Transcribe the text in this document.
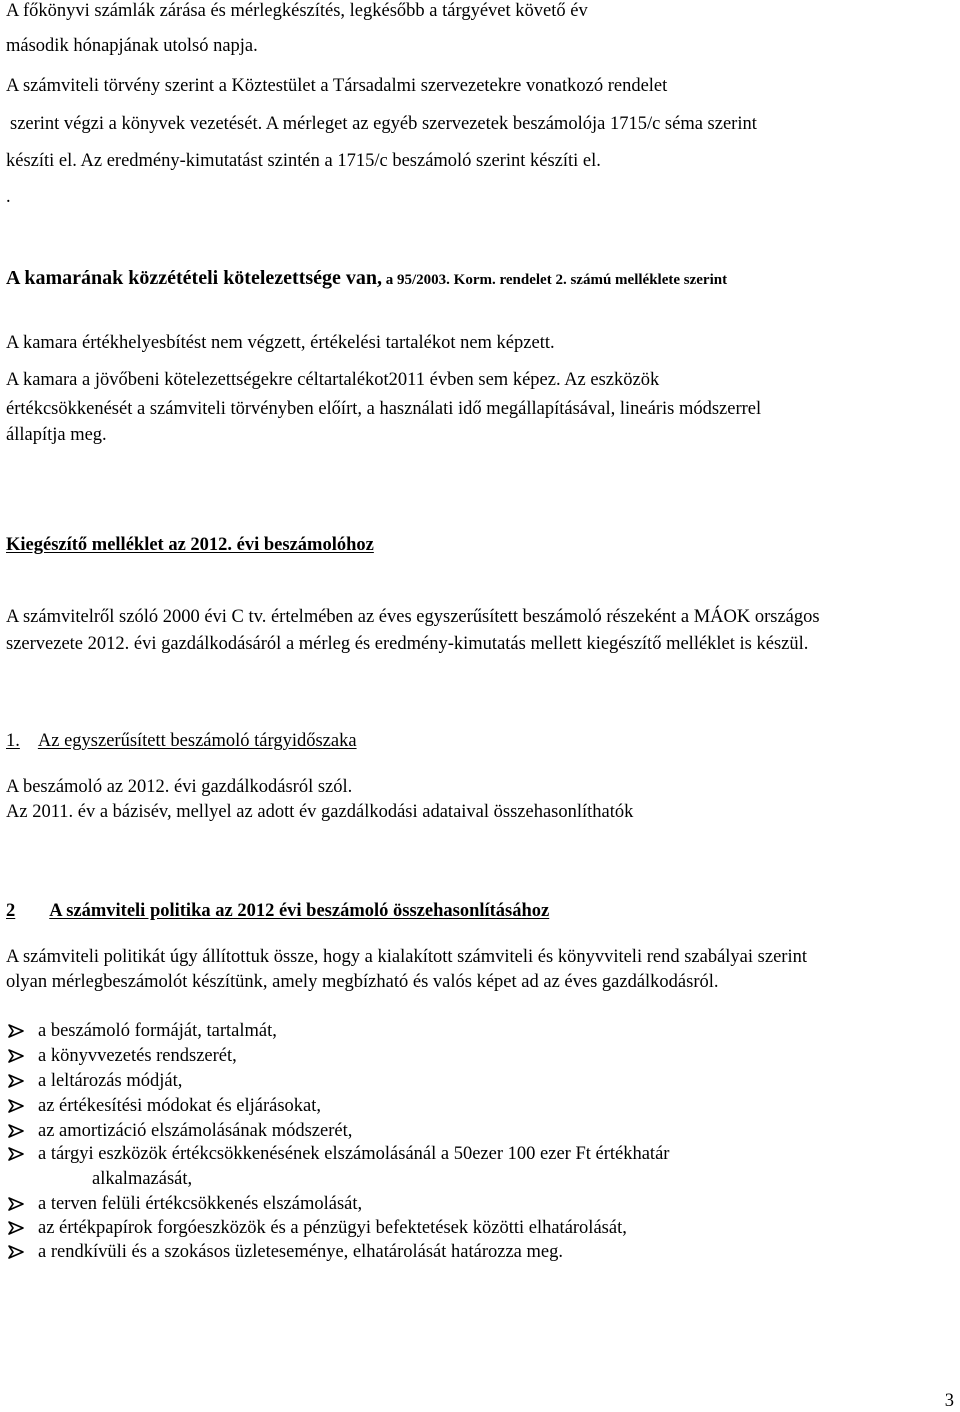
A főkönyvi számlák zárása és mérlegkészítés, legkésőbb a tárgyévet követő év
második hónapjának utolsó napja.
A számviteli törvény szerint a Köztestület a Társadalmi szervezetekre vonatkozó rendelet
szerint végzi a könyvek vezetését. A mérleget az egyéb szervezetek beszámolója 1715/c séma szerint
készíti el. Az eredmény-kimutatást szintén a 1715/c beszámoló szerint készíti el.
.
A kamarának közzétételi kötelezettsége van, a 95/2003. Korm. rendelet 2. számú melléklete szerint
A kamara értékhelyesbítést nem végzett, értékelési tartalékot nem képzett.
A kamara a jövőbeni kötelezettségekre céltartalékot2011 évben sem képez. Az eszközök
értékcsökkenését a számviteli törvényben előírt, a használati idő megállapításával, lineáris módszerrel
állapítja meg.
Kiegészítő melléklet az 2012. évi beszámolóhoz
A számvitelről szóló 2000 évi C tv. értelmében az éves egyszerűsített beszámoló részeként a MÁOK országos
szervezete 2012. évi gazdálkodásáról a mérleg és eredmény-kimutatás mellett kiegészítő melléklet is készül.
1. Az egyszerűsített beszámoló tárgyidőszaka
A beszámoló az 2012. évi gazdálkodásról szól.
Az 2011. év a bázisév, mellyel az adott év gazdálkodási adataival összehasonlíthatók
2 A számviteli politika az 2012 évi beszámoló összehasonlításához
A számviteli politikát úgy állítottuk össze, hogy a kialakított számviteli és könyvviteli rend szabályai szerint
olyan mérlegbeszámolót készítünk, amely megbízható és valós képet ad az éves gazdálkodásról.
a beszámoló formáját, tartalmát,
a könyvvezetés rendszerét,
a leltározás módját,
az értékesítési módokat és eljárásokat,
az amortizáció elszámolásának módszerét,
a tárgyi eszközök értékcsökkenésének elszámolásánál a 50ezer 100 ezer Ft értékhatár
alkalmazását,
a terven felüli értékcsökkenés elszámolását,
az értékpapírok forgóeszközök és a pénzügyi befektetések közötti elhatárolását,
a rendkívüli és a szokásos üzleteseménye, elhatárolását határozza meg.
3
